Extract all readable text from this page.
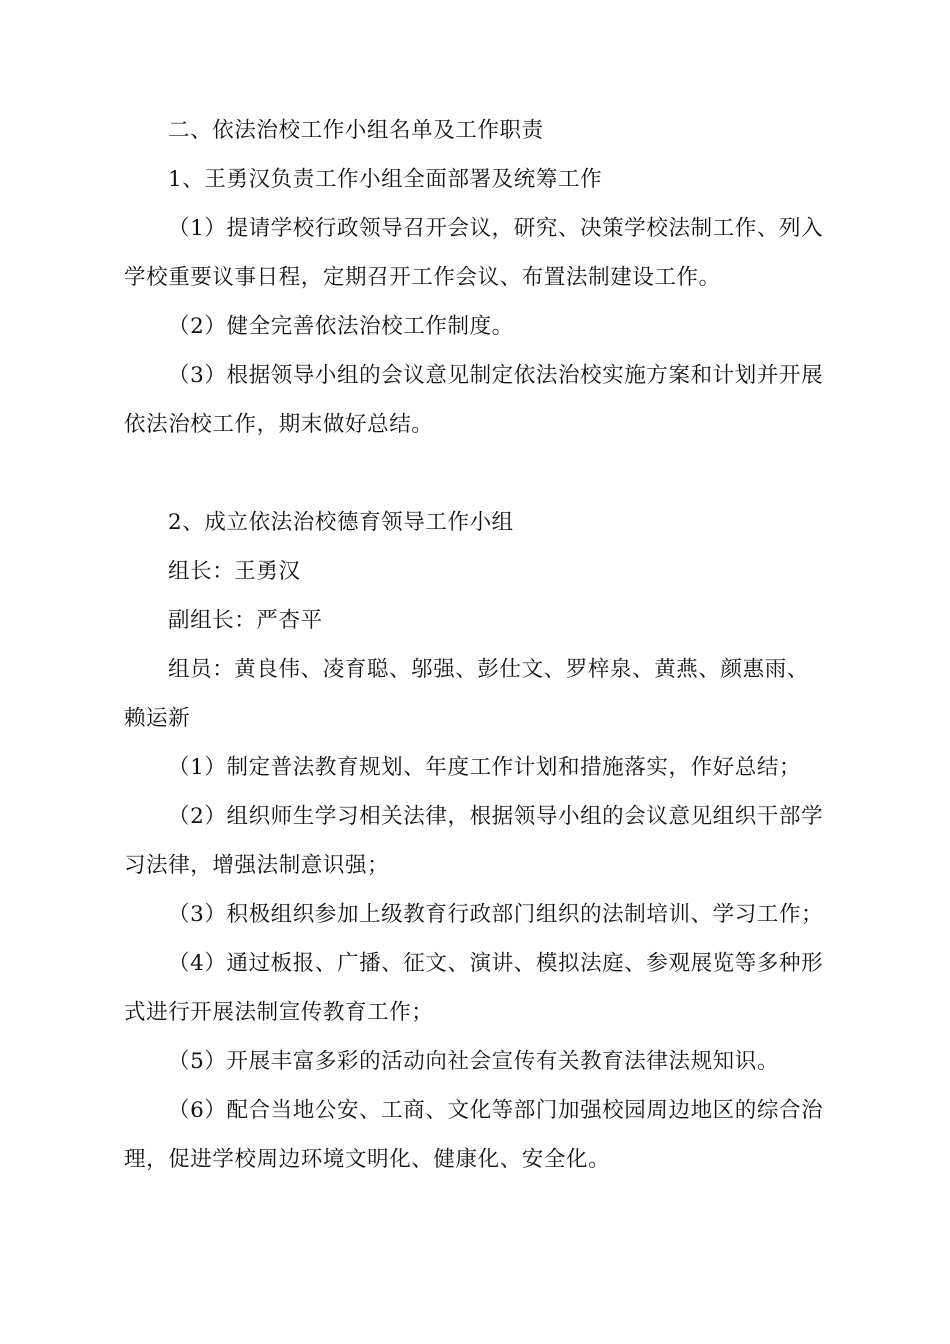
二、依法治校工作小组名单及工作职责

1、王勇汉负责工作小组全面部署及统筹工作

（1）提请学校行政领导召开会议，研究、决策学校法制工作、列入学校重要议事日程，定期召开工作会议、布置法制建设工作。

（2）健全完善依法治校工作制度。

（3）根据领导小组的会议意见制定依法治校实施方案和计划并开展依法治校工作，期末做好总结。

2、成立依法治校德育领导工作小组

组长：王勇汉

副组长：严杏平

组员：黄良伟、凌育聪、邬强、彭仕文、罗梓泉、黄燕、颜惠雨、赖运新

（1）制定普法教育规划、年度工作计划和措施落实，作好总结；

（2）组织师生学习相关法律，根据领导小组的会议意见组织干部学习法律，增强法制意识强；

（3）积极组织参加上级教育行政部门组织的法制培训、学习工作；

（4）通过板报、广播、征文、演讲、模拟法庭、参观展览等多种形式进行开展法制宣传教育工作；

（5）开展丰富多彩的活动向社会宣传有关教育法律法规知识。

（6）配合当地公安、工商、文化等部门加强校园周边地区的综合治理，促进学校周边环境文明化、健康化、安全化。
